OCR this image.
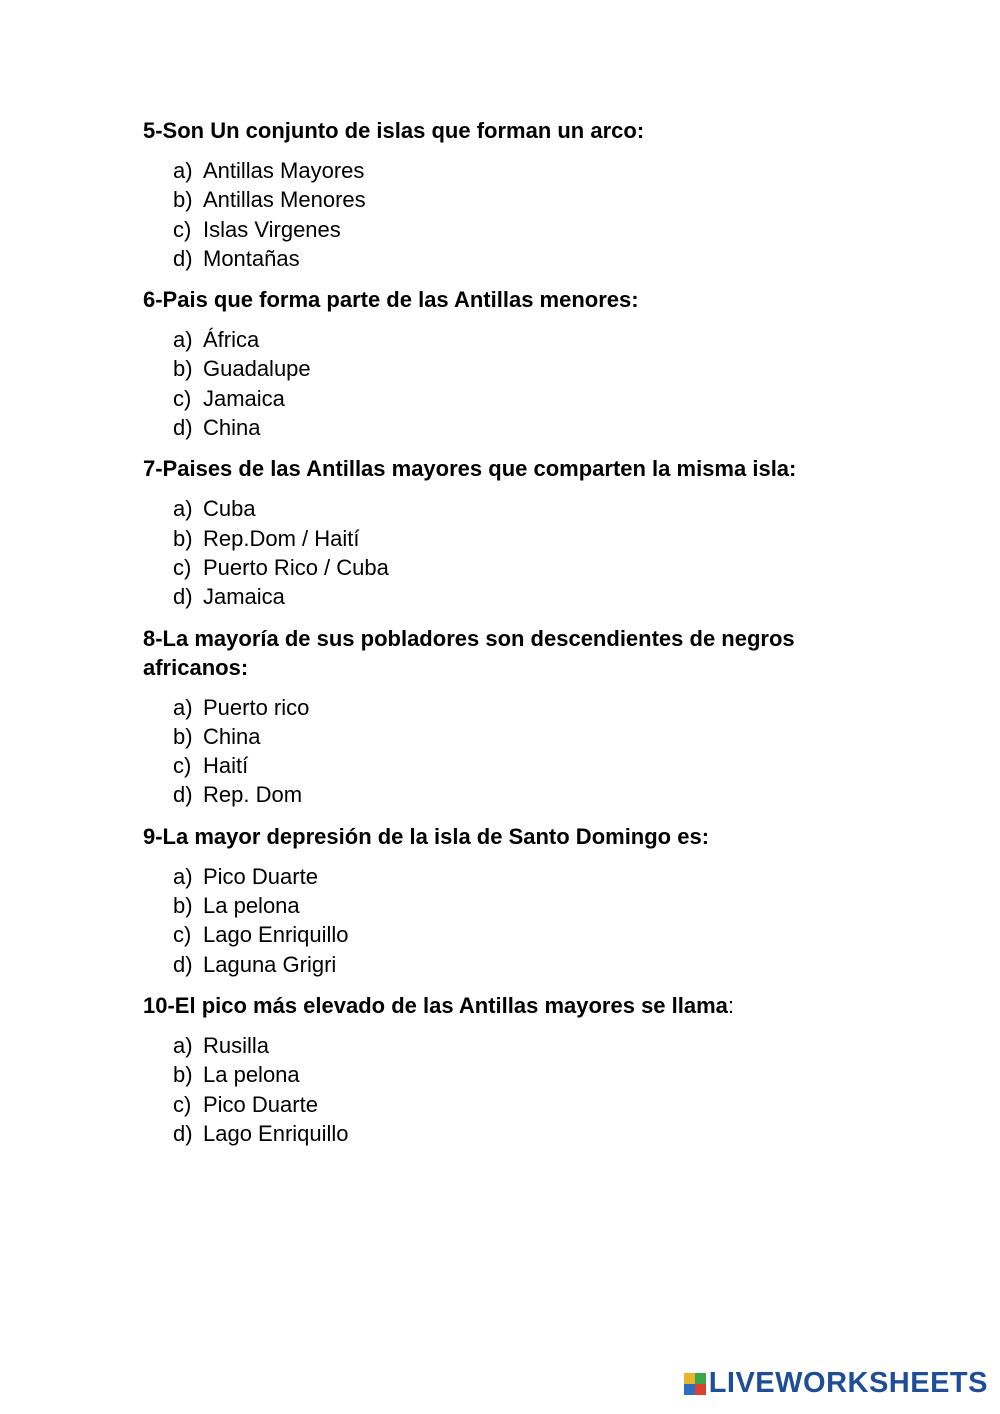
5-Son Un conjunto de islas que forman un arco:
a) Antillas Mayores
b) Antillas Menores
c) Islas Virgenes
d) Montañas
6-Pais que forma parte de las Antillas menores:
a) África
b) Guadalupe
c) Jamaica
d) China
7-Paises de las Antillas mayores que comparten la misma isla:
a) Cuba
b) Rep.Dom / Haití
c) Puerto Rico / Cuba
d) Jamaica
8-La mayoría de sus pobladores son descendientes de negros africanos:
a) Puerto rico
b) China
c) Haití
d) Rep. Dom
9-La mayor depresión de la isla de Santo Domingo es:
a) Pico Duarte
b) La pelona
c) Lago Enriquillo
d) Laguna Grigri
10-El pico más elevado de las Antillas mayores se llama:
a) Rusilla
b) La pelona
c) Pico Duarte
d) Lago Enriquillo
LIVEWORKSHEETS
